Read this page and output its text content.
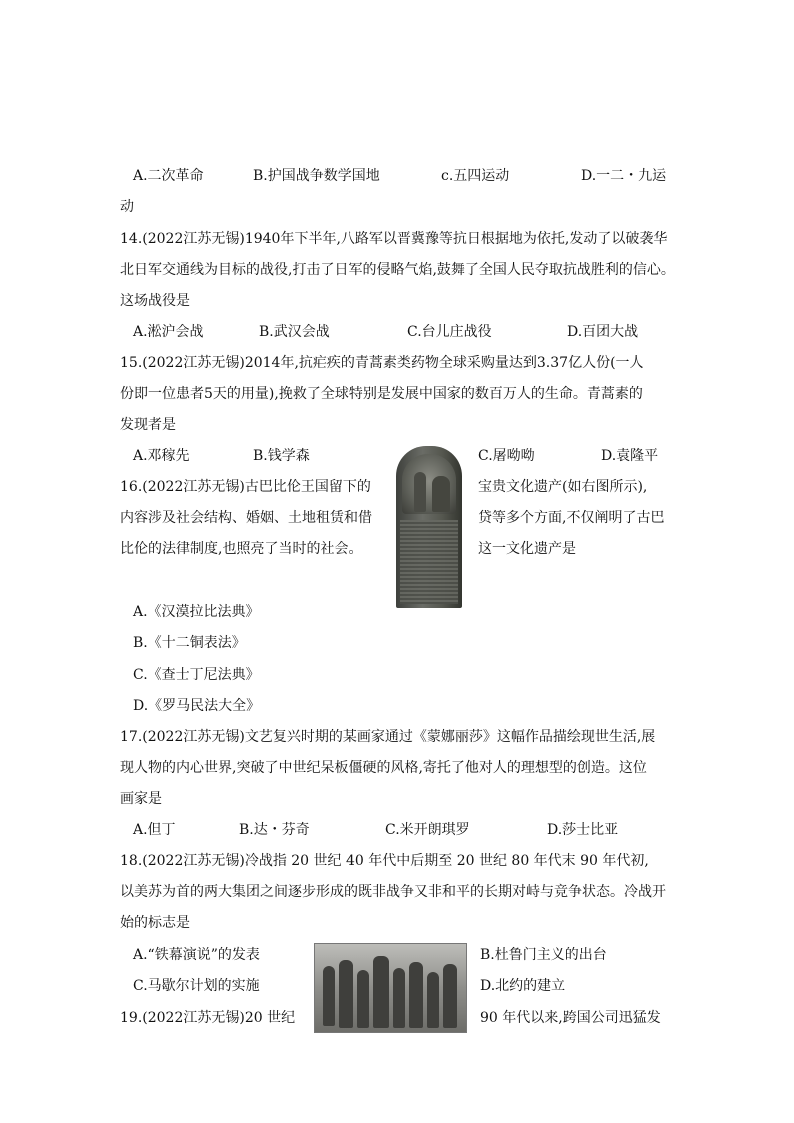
A.二次革命	B.护国战争数学国地	c.五四运动	D.一二・九运
动
14.(2022江苏无锡)1940年下半年,八路军以晋冀豫等抗日根据地为依托,发动了以破袭华
北日军交通线为目标的战役,打击了日军的侵略气焰,鼓舞了全国人民夺取抗战胜利的信心。
这场战役是
A.淞沪会战	B.武汉会战	C.台儿庄战役	D.百团大战
15.(2022江苏无锡)2014年,抗疟疾的青蒿素类药物全球采购量达到3.37亿人份(一人
份即一位患者5天的用量),挽救了全球特别是发展中国家的数百万人的生命。青蒿素的
发现者是
A.邓稼先	B.钱学森	C.屠呦呦	D.袁隆平
16.(2022江苏无锡)古巴比伦王国留下的	宝贵文化遗产(如右图所示),
内容涉及社会结构、婚姻、土地租赁和借	贷等多个方面,不仅阐明了古巴
比伦的法律制度,也照亮了当时的社会。	这一文化遗产是
A.《汉漠拉比法典》
B.《十二铜表法》
C.《查士丁尼法典》
D.《罗马民法大全》
17.(2022江苏无锡)文艺复兴时期的某画家通过《蒙娜丽莎》这幅作品描绘现世生活,展
现人物的内心世界,突破了中世纪呆板僵硬的风格,寄托了他对人的理想型的创造。这位
画家是
A.但丁	B.达・芬奇	C.米开朗琪罗	D.莎士比亚
18.(2022江苏无锡)冷战指 20 世纪 40 年代中后期至 20 世纪 80 年代末 90 年代初,
以美苏为首的两大集团之间逐步形成的既非战争又非和平的长期对峙与竞争状态。冷战开
始的标志是
A.“铁幕演说”的发表	B.杜鲁门主义的出台
C.马歇尔计划的实施	D.北约的建立
19.(2022江苏无锡)20 世纪	90 年代以来,跨国公司迅猛发
